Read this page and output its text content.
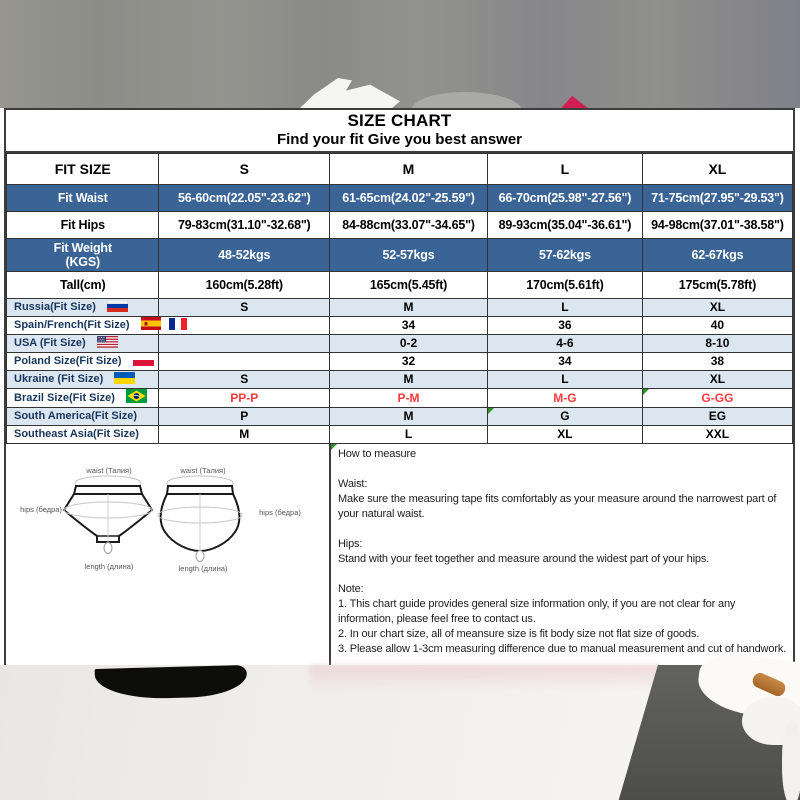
SIZE CHART
Find your fit Give you best answer
FIT SIZE	S	M	L	XL
Fit Waist	56-60cm(22.05"-23.62")	61-65cm(24.02"-25.59")	66-70cm(25.98"-27.56")	71-75cm(27.95"-29.53")
Fit Hips	79-83cm(31.10"-32.68")	84-88cm(33.07"-34.65")	89-93cm(35.04"-36.61")	94-98cm(37.01"-38.58")

Fit Weight
(KGS)	48-52kgs	52-57kgs	57-62kgs	62-67kgs
Tall(cm)	160cm(5.28ft)	165cm(5.45ft)	170cm(5.61ft)	175cm(5.78ft)
Russia(Fit Size)	S	M	L	XL
Spain/French(Fit Size)		34	36	40
USA (Fit Size)		0-2	4-6	8-10
Poland Size(Fit Size)		32	34	38
Ukraine (Fit Size)	S	M	L	XL
Brazil Size(Fit Size)	PP-P	P-M	M-G	G-GG
South America(Fit Size)	P	M	G	EG
Southeast Asia(Fit Size)	M	L	XL	XXL
waist (Талия)	waist (Талия)
hips (бедра)	hips (бедра)
length (длина)	length (длина)
How to measure
Waist:
Make sure the measuring tape fits comfortably as your measure around the narrowest part of
your natural waist.
Hips:
Stand with your feet together and measure around the widest part of your hips.
Note:
1. This chart guide provides general size information only, if you are not clear for any
information, please feel free to contact us.
2. In our chart size, all of meansure size is fit body size not flat size of goods.
3. Please allow 1-3cm measuring difference due to manual measurement and cut of handwork.
